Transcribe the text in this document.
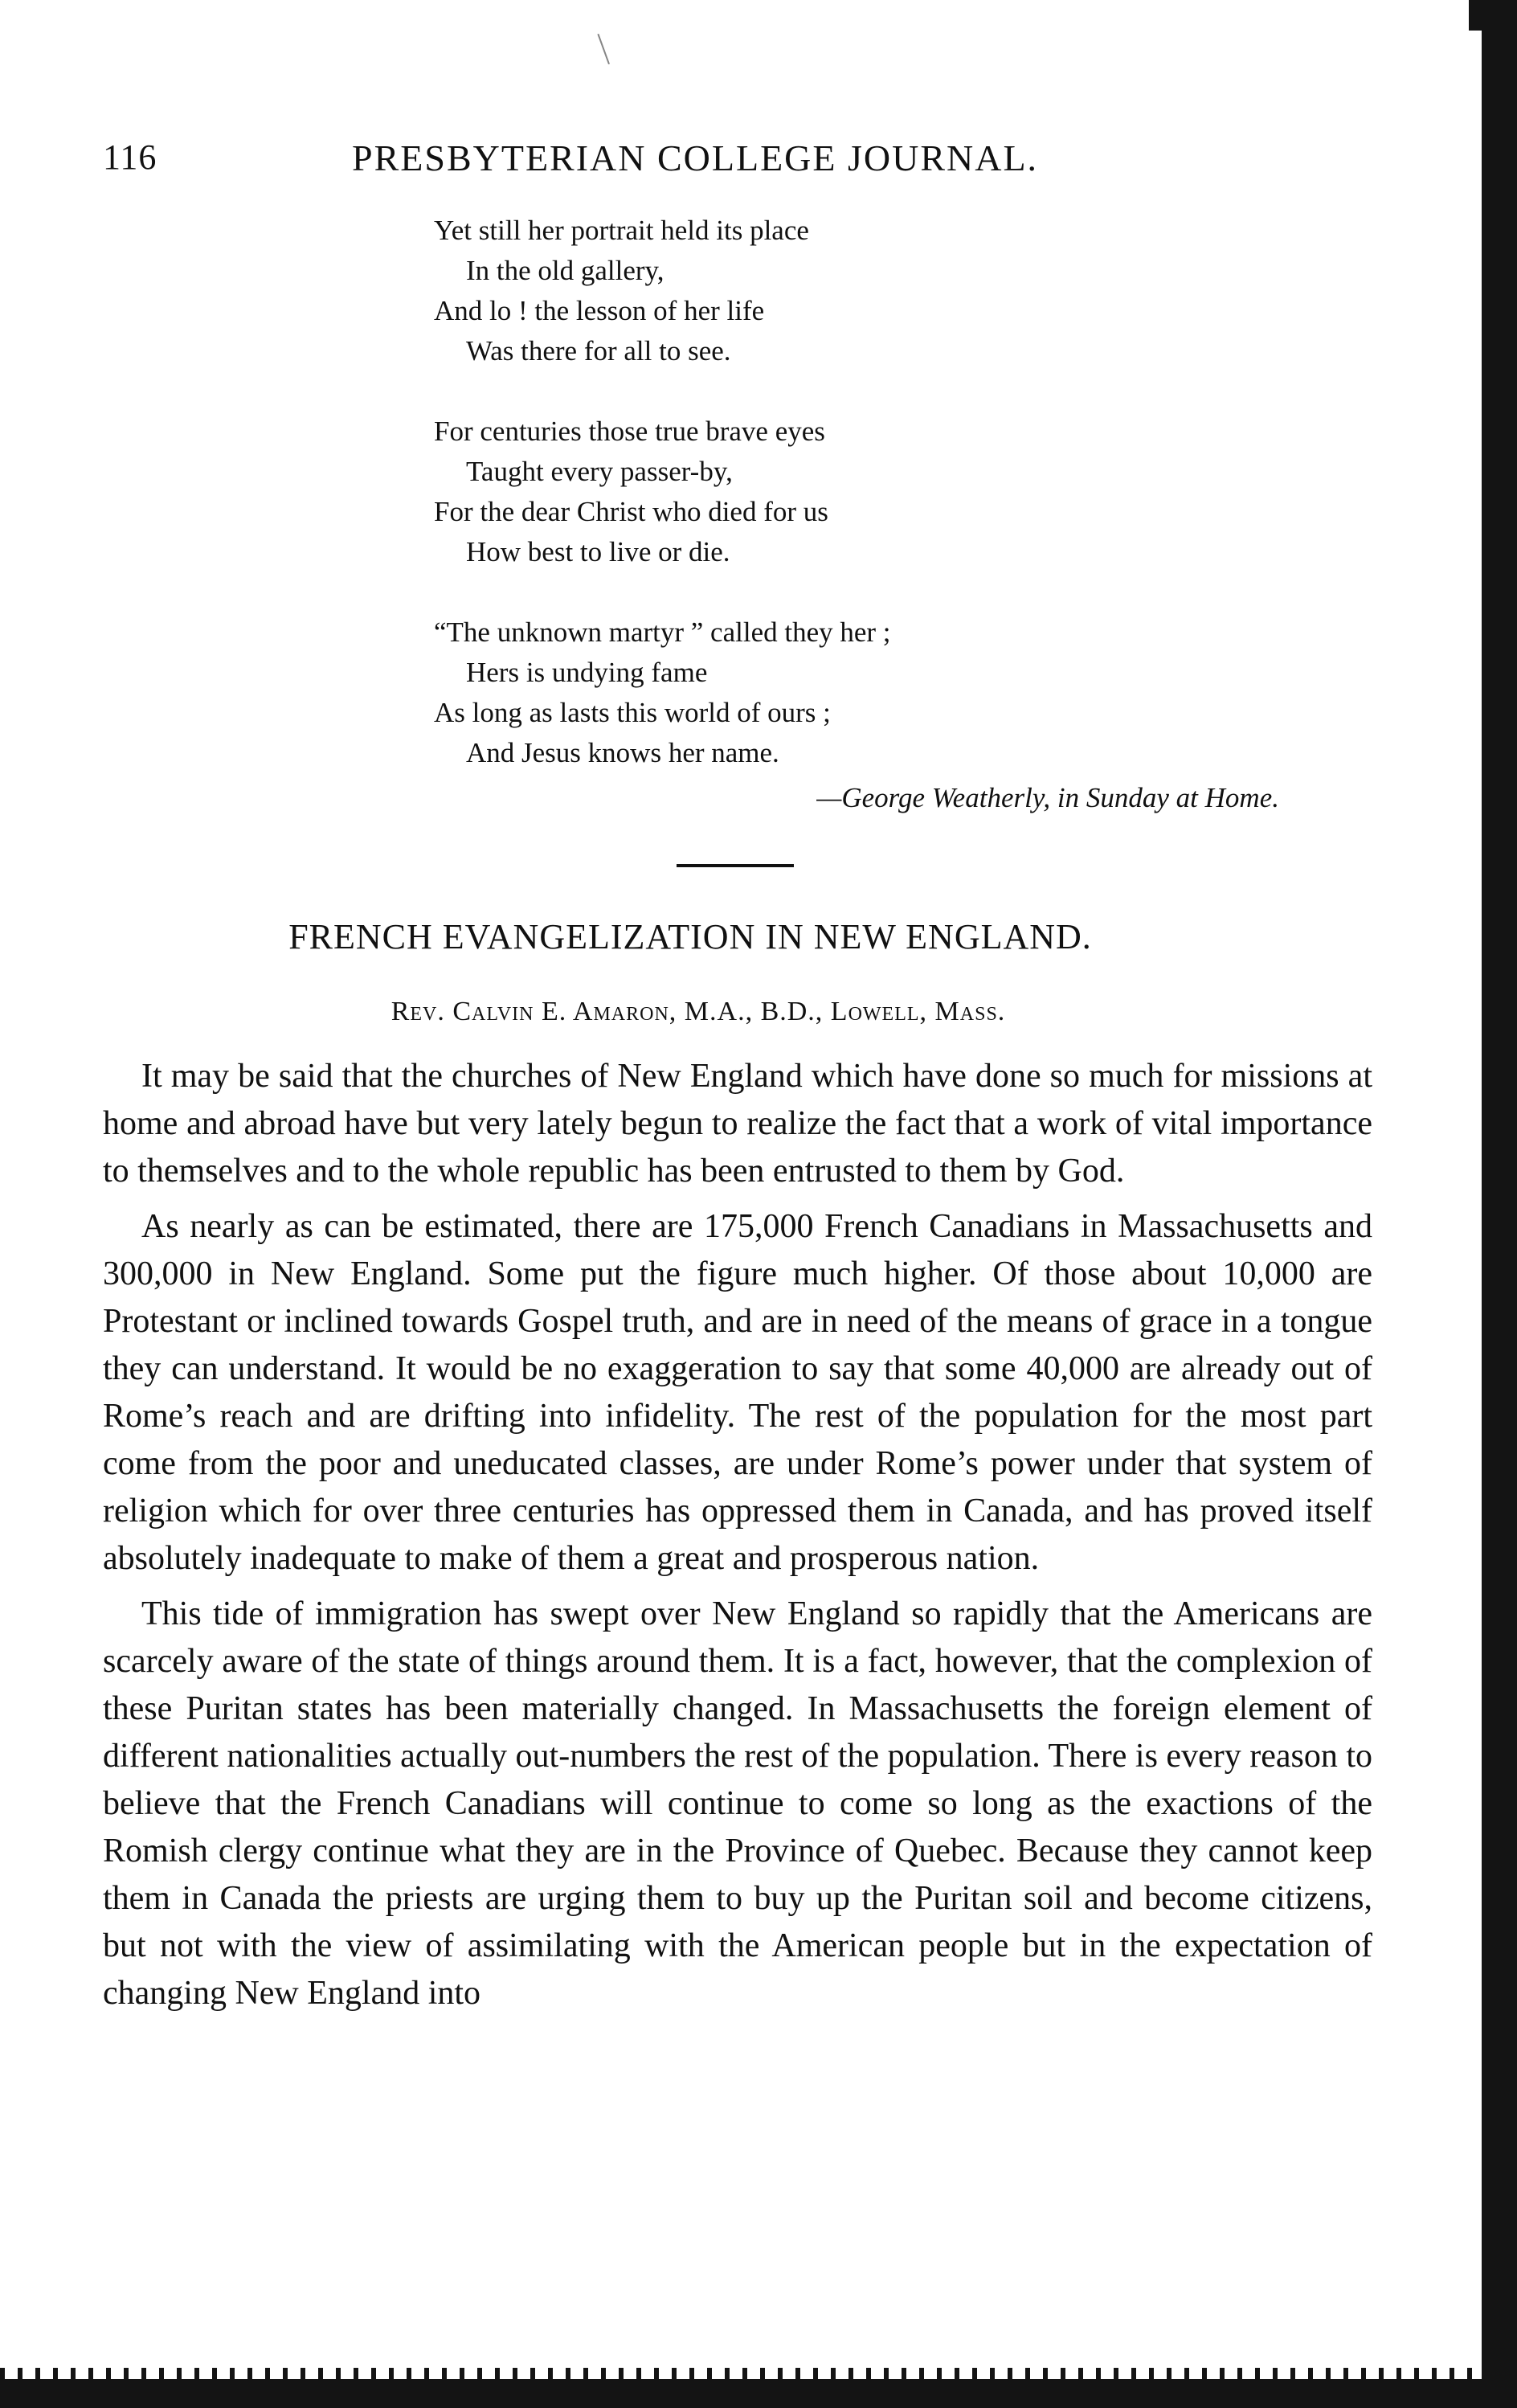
116	PRESBYTERIAN COLLEGE JOURNAL.
Yet still her portrait held its place
In the old gallery,
And lo ! the lesson of her life
Was there for all to see.
For centuries those true brave eyes
Taught every passer-by,
For the dear Christ who died for us
How best to live or die.
“The unknown martyr ” called they her ;
Hers is undying fame
As long as lasts this world of ours ;
And Jesus knows her name.
—George Weatherly, in Sunday at Home.
FRENCH EVANGELIZATION IN NEW ENGLAND.
Rev. Calvin E. Amaron, M.A., B.D., Lowell, Mass.

It may be said that the churches of New England which have done so much for missions at home and abroad have but very lately begun to realize the fact that a work of vital importance to themselves and to the whole republic has been entrusted to them by God.

As nearly as can be estimated, there are 175,000 French Canadians in Massachusetts and 300,000 in New England. Some put the figure much higher. Of those about 10,000 are Protestant or inclined towards Gospel truth, and are in need of the means of grace in a tongue they can understand. It would be no exaggeration to say that some 40,000 are already out of Rome’s reach and are drifting into infidelity. The rest of the population for the most part come from the poor and uneducated classes, are under Rome’s power under that system of religion which for over three centuries has oppressed them in Canada, and has proved itself absolutely inadequate to make of them a great and prosperous nation.

This tide of immigration has swept over New England so rapidly that the Americans are scarcely aware of the state of things around them. It is a fact, however, that the complexion of these Puritan states has been materially changed. In Massachusetts the foreign element of different nationalities actually out-numbers the rest of the population. There is every reason to believe that the French Canadians will continue to come so long as the exactions of the Romish clergy continue what they are in the Province of Quebec. Because they cannot keep them in Canada the priests are urging them to buy up the Puritan soil and become citizens, but not with the view of assimilating with the American people but in the expectation of changing New England into
